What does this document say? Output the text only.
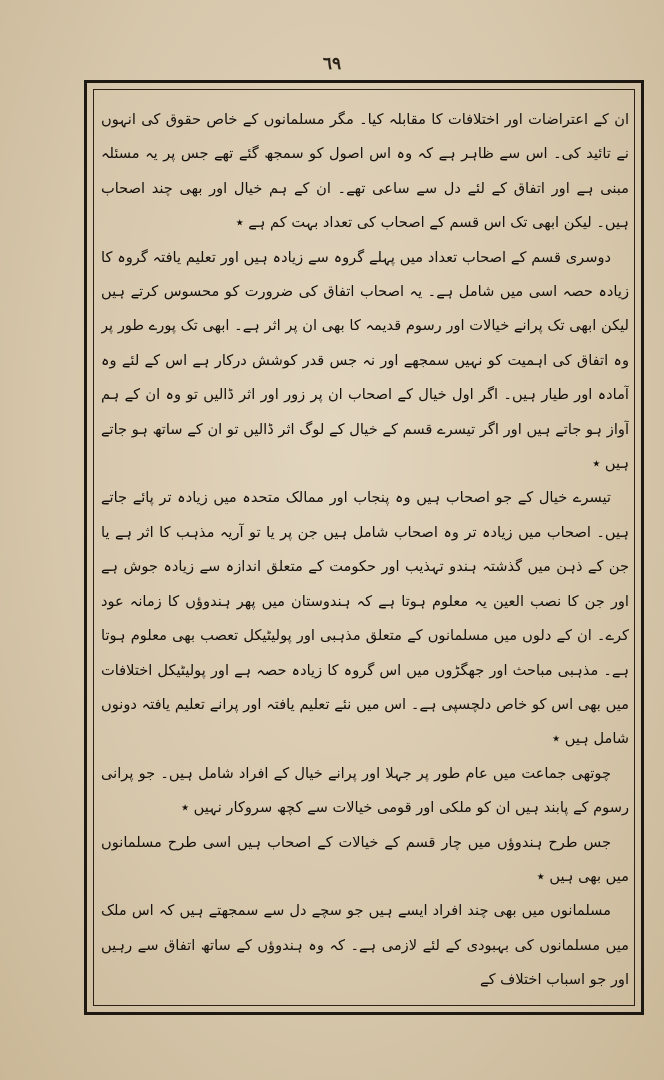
٦٩

ان کے اعتراضات اور اختلافات کا مقابلہ کیا۔ مگر مسلمانوں کے خاص حقوق کی انہوں نے تائید کی۔ اس سے ظاہر ہے کہ وہ اس اصول کو سمجھ گئے تھے جس پر یہ مسئلہ مبنی ہے اور اتفاق کے لئے دل سے ساعی تھے۔ ان کے ہم خیال اور بھی چند اصحاب ہیں۔ لیکن ابھی تک اس قسم کے اصحاب کی تعداد بہت کم ہے ٭

دوسری قسم کے اصحاب تعداد میں پہلے گروہ سے زیادہ ہیں اور تعلیم یافتہ گروہ کا زیادہ حصہ اسی میں شامل ہے۔ یہ اصحاب اتفاق کی ضرورت کو محسوس کرتے ہیں لیکن ابھی تک پرانے خیالات اور رسوم قدیمہ کا بھی ان پر اثر ہے۔ ابھی تک پورے طور پر وہ اتفاق کی اہمیت کو نہیں سمجھے اور نہ جس قدر کوشش درکار ہے اس کے لئے وہ آمادہ اور طیار ہیں۔ اگر اول خیال کے اصحاب ان پر زور اور اثر ڈالیں تو وہ ان کے ہم آواز ہو جاتے ہیں اور اگر تیسرے قسم کے خیال کے لوگ اثر ڈالیں تو ان کے ساتھ ہو جاتے ہیں ٭

تیسرے خیال کے جو اصحاب ہیں وہ پنجاب اور ممالک متحدہ میں زیادہ تر پائے جاتے ہیں۔ اصحاب میں زیادہ تر وہ اصحاب شامل ہیں جن پر یا تو آریہ مذہب کا اثر ہے یا جن کے ذہن میں گذشتہ ہندو تہذیب اور حکومت کے متعلق اندازہ سے زیادہ جوش ہے اور جن کا نصب العین یہ معلوم ہوتا ہے کہ ہندوستان میں پھر ہندوؤں کا زمانہ عود کرے۔ ان کے دلوں میں مسلمانوں کے متعلق مذہبی اور پولیٹیکل تعصب بھی معلوم ہوتا ہے۔ مذہبی مباحث اور جھگڑوں میں اس گروہ کا زیادہ حصہ ہے اور پولیٹیکل اختلافات میں بھی اس کو خاص دلچسپی ہے۔ اس میں نئے تعلیم یافتہ اور پرانے تعلیم یافتہ دونوں شامل ہیں ٭

چوتھی جماعت میں عام طور پر جہلا اور پرانے خیال کے افراد شامل ہیں۔ جو پرانی رسوم کے پابند ہیں ان کو ملکی اور قومی خیالات سے کچھ سروکار نہیں ٭

جس طرح ہندوؤں میں چار قسم کے خیالات کے اصحاب ہیں اسی طرح مسلمانوں میں بھی ہیں ٭

مسلمانوں میں بھی چند افراد ایسے ہیں جو سچے دل سے سمجھتے ہیں کہ اس ملک میں مسلمانوں کی بہبودی کے لئے لازمی ہے۔ کہ وہ ہندوؤں کے ساتھ اتفاق سے رہیں اور جو اسباب اختلاف کے
